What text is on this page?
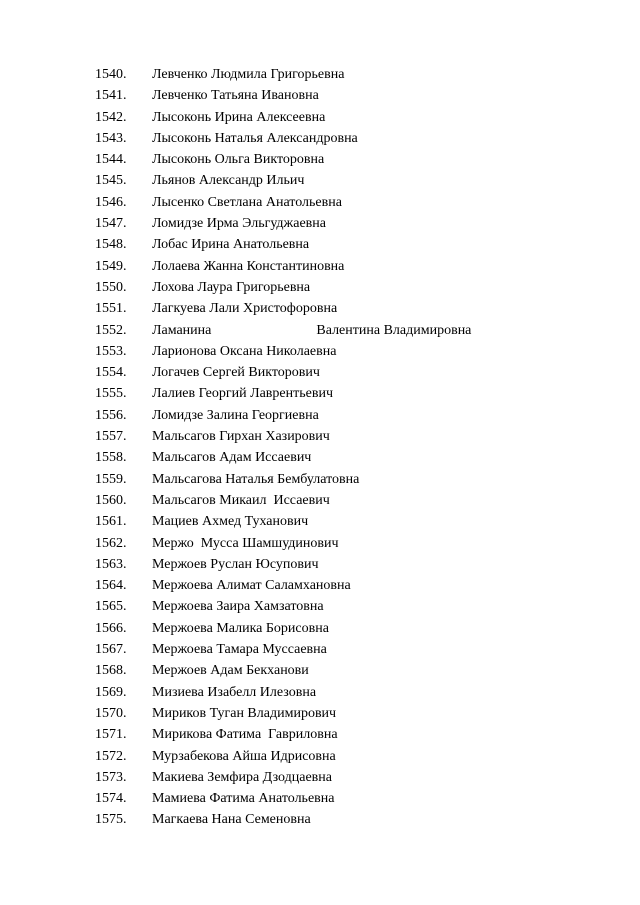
1540.	Левченко Людмила Григорьевна
1541.	Левченко Татьяна Ивановна
1542.	Лысоконь Ирина Алексеевна
1543.	Лысоконь Наталья Александровна
1544.	Лысоконь Ольга Викторовна
1545.	Льянов Александр Ильич
1546.	Лысенко Светлана Анатольевна
1547.	Ломидзе Ирма Эльгуджаевна
1548.	Лобас Ирина Анатольевна
1549.	Лолаева Жанна Константиновна
1550.	Лохова Лаура Григорьевна
1551.	Лагкуева Лали Христофоровна
1552.	Ламанина	Валентина Владимировна
1553.	Ларионова Оксана Николаевна
1554.	Логачев Сергей Викторович
1555.	Лалиев Георгий Лаврентьевич
1556.	Ломидзе Залина Георгиевна
1557.	Мальсагов Гирхан Хазирович
1558.	Мальсагов Адам Иссаевич
1559.	Мальсагова Наталья Бембулатовна
1560.	Мальсагов Микаил  Иссаевич
1561.	Мациев Ахмед Туханович
1562.	Мержо  Мусса Шамшудинович
1563.	Мержоев Руслан Юсупович
1564.	Мержоева Алимат Саламхановна
1565.	Мержоева Заира Хамзатовна
1566.	Мержоева Малика Борисовна
1567.	Мержоева Тамара Муссаевна
1568.	Мержоев Адам Бекханови
1569.	Мизиева Изабелл Илезовна
1570.	Мириков Туган Владимирович
1571.	Мирикова Фатима  Гавриловна
1572.	Мурзабекова Айша Идрисовна
1573.	Макиева Земфира Дзодцаевна
1574.	Мамиева Фатима Анатольевна
1575.	Магкаева Нана Семеновна
